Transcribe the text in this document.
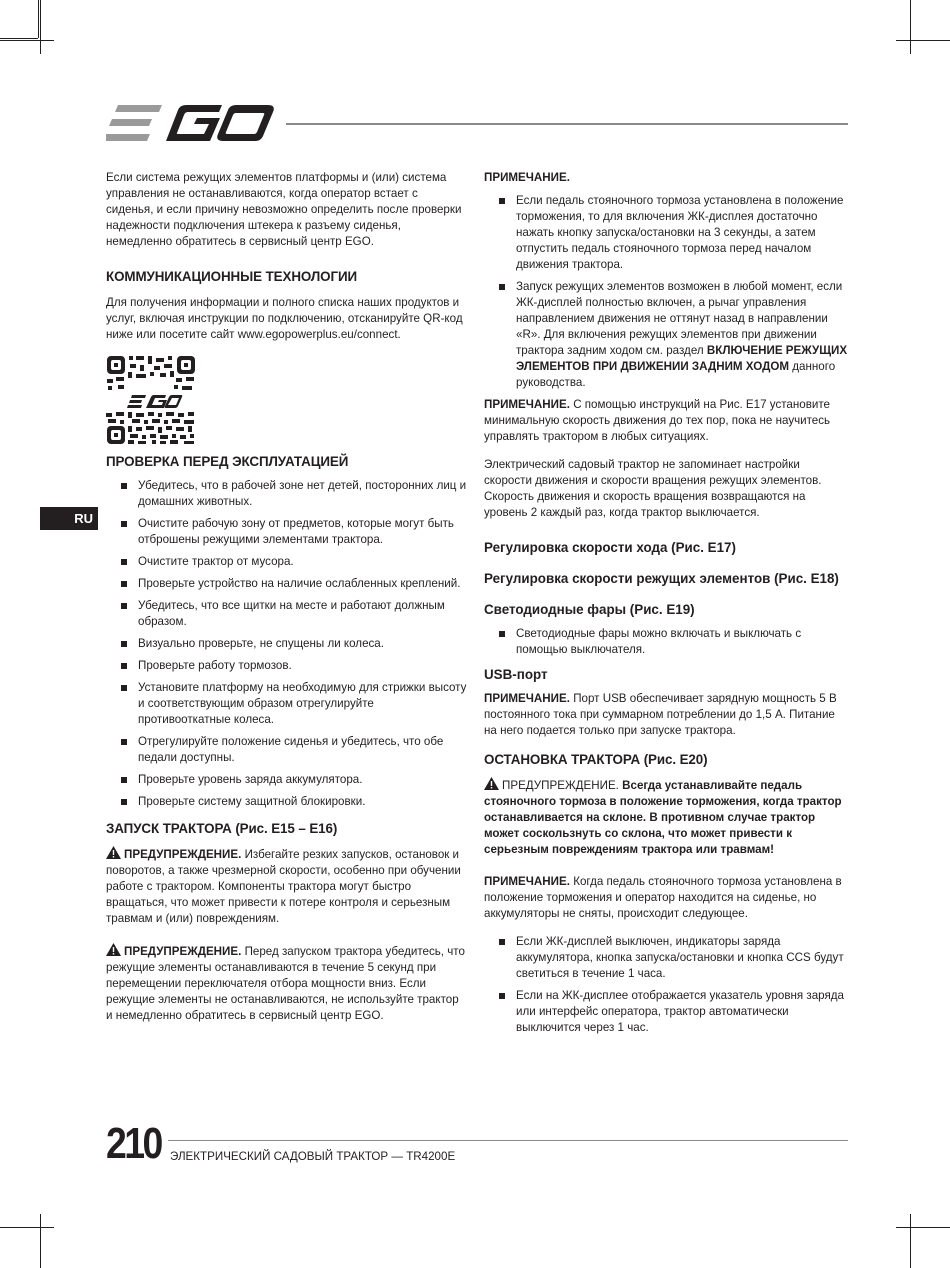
RU

Если система режущих элементов платформы и (или) система управления не останавливаются, когда оператор встает с сиденья, и если причину невозможно определить после проверки надежности подключения штекера к разъему сиденья, немедленно обратитесь в сервисный центр EGO.

КОММУНИКАЦИОННЫЕ ТЕХНОЛОГИИ

Для получения информации и полного списка наших продуктов и услуг, включая инструкции по подключению, отсканируйте QR-код ниже или посетите сайт www.egopowerplus.eu/connect.

ПРОВЕРКА ПЕРЕД ЭКСПЛУАТАЦИЕЙ
Убедитесь, что в рабочей зоне нет детей, посторонних лиц и домашних животных.
Очистите рабочую зону от предметов, которые могут быть отброшены режущими элементами трактора.
Очистите трактор от мусора.
Проверьте устройство на наличие ослабленных креплений.
Убедитесь, что все щитки на месте и работают должным образом.
Визуально проверьте, не спущены ли колеса.
Проверьте работу тормозов.
Установите платформу на необходимую для стрижки высоту и соответствующим образом отрегулируйте противооткатные колеса.
Отрегулируйте положение сиденья и убедитесь, что обе педали доступны.
Проверьте уровень заряда аккумулятора.
Проверьте систему защитной блокировки.
ЗАПУСК ТРАКТОРА (Рис. E15 – E16)

ПРЕДУПРЕЖДЕНИЕ. Избегайте резких запусков, остановок и поворотов, а также чрезмерной скорости, особенно при обучении работе с трактором. Компоненты трактора могут быстро вращаться, что может привести к потере контроля и серьезным травмам и (или) повреждениям.

ПРЕДУПРЕЖДЕНИЕ. Перед запуском трактора убедитесь, что режущие элементы останавливаются в течение 5 секунд при перемещении переключателя отбора мощности вниз. Если режущие элементы не останавливаются, не используйте трактор и немедленно обратитесь в сервисный центр EGO.

ПРИМЕЧАНИЕ.

Если педаль стояночного тормоза установлена в положение торможения, то для включения ЖК-дисплея достаточно нажать кнопку запуска/остановки на 3 секунды, а затем отпустить педаль стояночного тормоза перед началом движения трактора.
Запуск режущих элементов возможен в любой момент, если ЖК-дисплей полностью включен, а рычаг управления направлением движения не оттянут назад в направлении «R». Для включения режущих элементов при движении трактора задним ходом см. раздел ВКЛЮЧЕНИЕ РЕЖУЩИХ ЭЛЕМЕНТОВ ПРИ ДВИЖЕНИИ ЗАДНИМ ХОДОМ данного руководства.

ПРИМЕЧАНИЕ. С помощью инструкций на Рис. E17 установите минимальную скорость движения до тех пор, пока не научитесь управлять трактором в любых ситуациях.

Электрический садовый трактор не запоминает настройки скорости движения и скорости вращения режущих элементов. Скорость движения и скорость вращения возвращаются на уровень 2 каждый раз, когда трактор выключается.

Регулировка скорости хода (Рис. E17)
Регулировка скорости режущих элементов (Рис. E18)
Светодиодные фары (Рис. E19)
Светодиодные фары можно включать и выключать с помощью выключателя.
USB-порт

ПРИМЕЧАНИЕ. Порт USB обеспечивает зарядную мощность 5 В постоянного тока при суммарном потреблении до 1,5 А. Питание на него подается только при запуске трактора.

ОСТАНОВКА ТРАКТОРА (Рис. E20)

ПРЕДУПРЕЖДЕНИЕ. Всегда устанавливайте педаль стояночного тормоза в положение торможения, когда трактор останавливается на склоне. В противном случае трактор может соскользнуть со склона, что может привести к серьезным повреждениям трактора или травмам!

ПРИМЕЧАНИЕ. Когда педаль стояночного тормоза установлена в положение торможения и оператор находится на сиденье, но аккумуляторы не сняты, происходит следующее.

Если ЖК-дисплей выключен, индикаторы заряда аккумулятора, кнопка запуска/остановки и кнопка CCS будут светиться в течение 1 часа.
Если на ЖК-дисплее отображается указатель уровня заряда или интерфейс оператора, трактор автоматически выключится через 1 час.
210 ЭЛЕКТРИЧЕСКИЙ САДОВЫЙ ТРАКТОР — TR4200E
